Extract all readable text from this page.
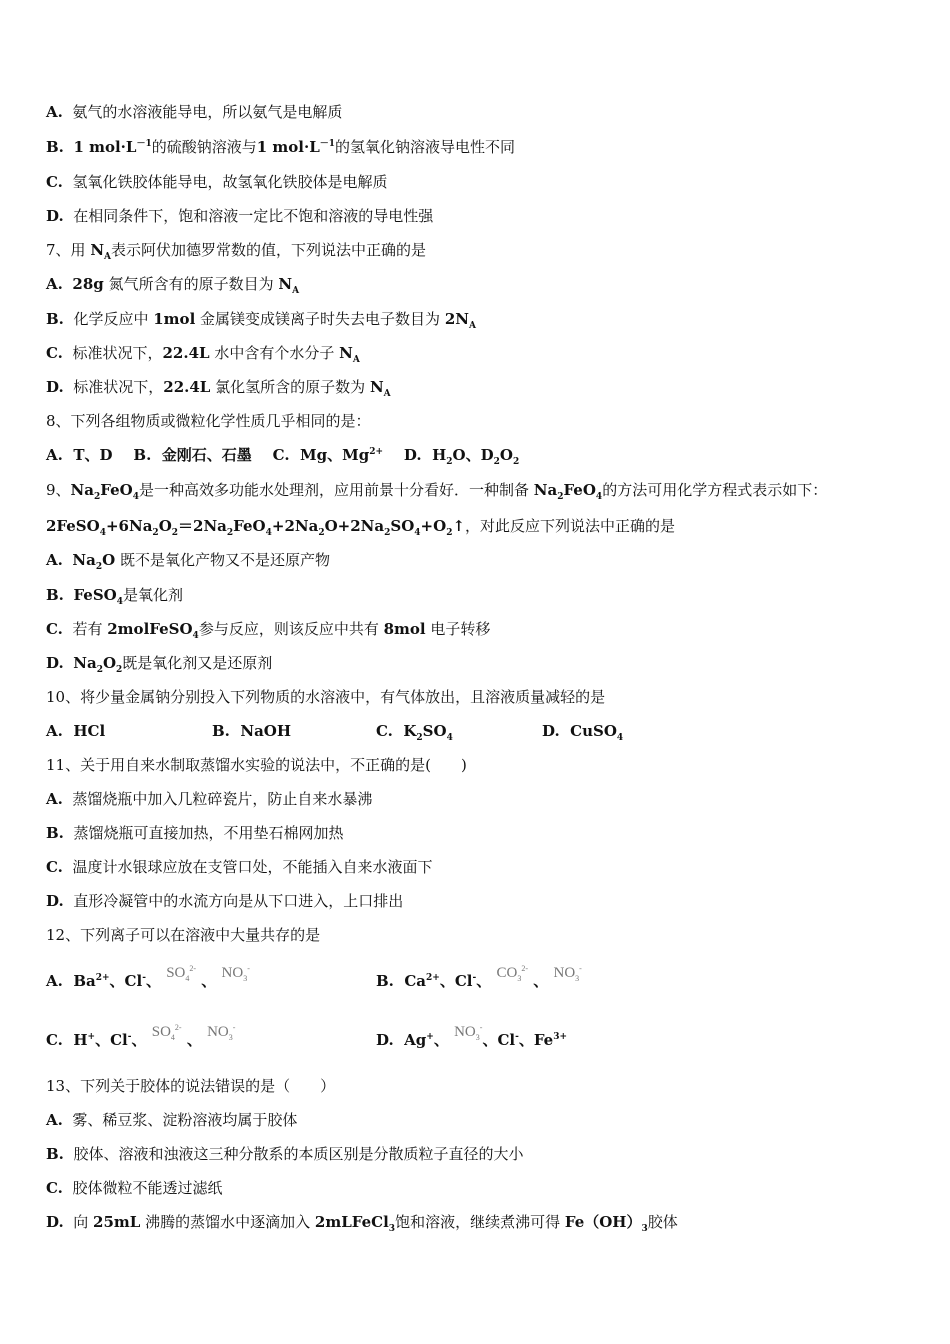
A. 氨气的水溶液能导电，所以氨气是电解质
B. 1 $mol\cdot L^{-1}$的硫酸钠溶液与1 $mol\cdot L^{-1}$的氢氧化钠溶液导电性不同
C. 氢氧化铁胶体能导电，故氢氧化铁胶体是电解质
D. 在相同条件下，饱和溶液一定比不饱和溶液的导电性强
7、用 $N_A$表示阿伏加德罗常数的值，下列说法中正确的是
A. 28g 氮气所含有的原子数目为 $N_A$
B. 化学反应中 1mol 金属镁变成镁离子时失去电子数目为 $2N_A$
C. 标准状况下，22.4L 水中含有个水分子 $N_A$
D. 标准状况下，22.4L 氯化氢所含的原子数为 $N_A$
8、下列各组物质或微粒化学性质几乎相同的是：
A. T、D B. 金刚石、石墨 C. Mg、$Mg^{2+}$ D. $H_2O$、$D_2O_2$
9、$Na_2FeO_4$是一种高效多功能水处理剂，应用前景十分看好．一种制备 $Na_2FeO_4$的方法可用化学方程式表示如下：
$2FeSO_4+6Na_2O_2=2Na_2FeO_4+2Na_2O+2Na_2SO_4+O_2↑$，对此反应下列说法中正确的是
A. $Na_2O$ 既不是氧化产物又不是还原产物
B. FeSO$_4$是氧化剂
C. 若有 2molFeSO$_4$参与反应，则该反应中共有 8mol 电子转移
D. $Na_2O_2$既是氧化剂又是还原剂
10、将少量金属钠分别投入下列物质的水溶液中，有气体放出，且溶液质量减轻的是
A. HCl	B. NaOH	C. $K_2SO_4$	D. CuSO$_4$
11、关于用自来水制取蒸馏水实验的说法中，不正确的是(　　)
A. 蒸馏烧瓶中加入几粒碎瓷片，防止自来水暴沸
B. 蒸馏烧瓶可直接加热，不用垫石棉网加热
C. 温度计水银球应放在支管口处，不能插入自来水液面下
D. 直形冷凝管中的水流方向是从下口进入，上口排出
12、下列离子可以在溶液中大量共存的是
A. $Ba^{2+}$、Cl-、 $SO_4^{2-}$ 、 $NO_3^-$
B. $Ca^{2+}$、Cl-、 $CO_3^{2-}$ 、 $NO_3^-$
C. H+、Cl-、 $SO_4^{2-}$ 、 $NO_3^-$
D. Ag+、 $NO_3^-$、Cl-、$Fe^{3+}$
13、下列关于胶体的说法错误的是（　　）
A. 雾、稀豆浆、淀粉溶液均属于胶体
B. 胶体、溶液和浊液这三种分散系的本质区别是分散质粒子直径的大小
C. 胶体微粒不能透过滤纸
D. 向 25mL 沸腾的蒸馏水中逐滴加入 2mLFeCl$_3$饱和溶液，继续煮沸可得 $Fe(OH)_3$胶体
